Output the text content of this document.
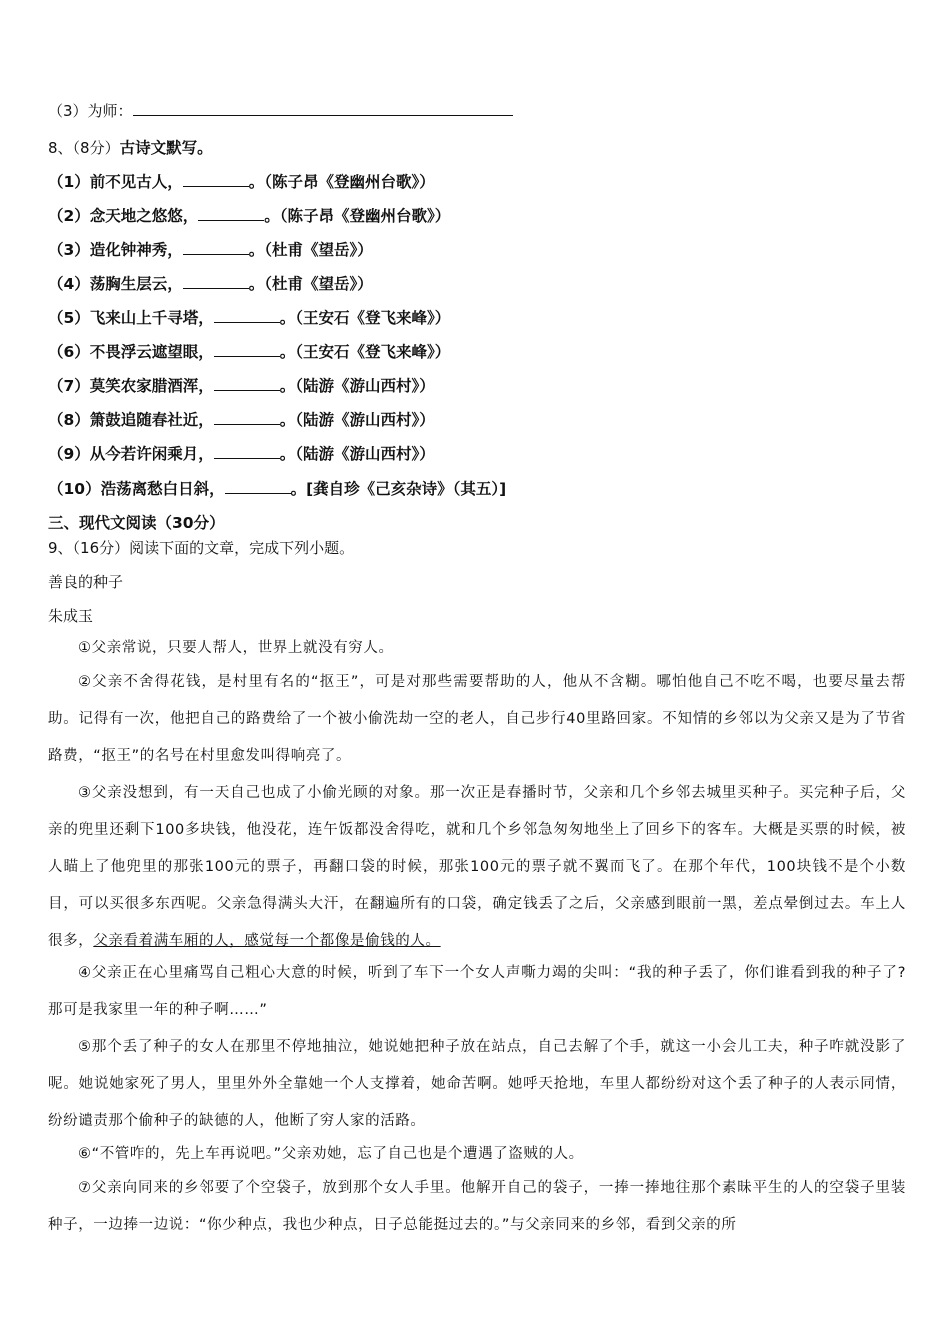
（3）为师：
8、（8分）古诗文默写。
（1）前不见古人，	。（陈子昂《登幽州台歌》）
（2）念天地之悠悠，	。（陈子昂《登幽州台歌》）
（3）造化钟神秀，	。（杜甫《望岳》）
（4）荡胸生层云，	。（杜甫《望岳》）
（5）飞来山上千寻塔，	。（王安石《登飞来峰》）
（6）不畏浮云遮望眼，	。（王安石《登飞来峰》）
（7）莫笑农家腊酒浑，	。（陆游《游山西村》）
（8）箫鼓追随春社近，	。（陆游《游山西村》）
（9）从今若许闲乘月，	。（陆游《游山西村》）
（10）浩荡离愁白日斜，	。[龚自珍《己亥杂诗》（其五）]
三、现代文阅读（30分）
9、（16分）阅读下面的文章，完成下列小题。
善良的种子
朱成玉
①父亲常说，只要人帮人，世界上就没有穷人。
②父亲不舍得花钱，是村里有名的“抠王”，可是对那些需要帮助的人，他从不含糊。哪怕他自己不吃不喝，也要尽量去帮助。记得有一次，他把自己的路费给了一个被小偷洗劫一空的老人，自己步行40里路回家。不知情的乡邻以为父亲又是为了节省路费，“抠王”的名号在村里愈发叫得响亮了。
③父亲没想到，有一天自己也成了小偷光顾的对象。那一次正是春播时节，父亲和几个乡邻去城里买种子。买完种子后，父亲的兜里还剩下100多块钱，他没花，连午饭都没舍得吃，就和几个乡邻急匆匆地坐上了回乡下的客车。大概是买票的时候，被人瞄上了他兜里的那张100元的票子，再翻口袋的时候，那张100元的票子就不翼而飞了。在那个年代，100块钱不是个小数目，可以买很多东西呢。父亲急得满头大汗，在翻遍所有的口袋，确定钱丢了之后，父亲感到眼前一黑，差点晕倒过去。车上人很多，父亲看着满车厢的人，感觉每一个都像是偷钱的人。
④父亲正在心里痛骂自己粗心大意的时候，听到了车下一个女人声嘶力竭的尖叫：“我的种子丢了，你们谁看到我的种子了?那可是我家里一年的种子啊……”
⑤那个丢了种子的女人在那里不停地抽泣，她说她把种子放在站点，自己去解了个手，就这一小会儿工夫，种子咋就没影了呢。她说她家死了男人，里里外外全靠她一个人支撑着，她命苦啊。她呼天抢地，车里人都纷纷对这个丢了种子的人表示同情，纷纷谴责那个偷种子的缺德的人，他断了穷人家的活路。
⑥“不管咋的，先上车再说吧。”父亲劝她，忘了自己也是个遭遇了盗贼的人。
⑦父亲向同来的乡邻要了个空袋子，放到那个女人手里。他解开自己的袋子，一捧一捧地往那个素昧平生的人的空袋子里装种子，一边捧一边说：“你少种点，我也少种点，日子总能挺过去的。”与父亲同来的乡邻，看到父亲的所
